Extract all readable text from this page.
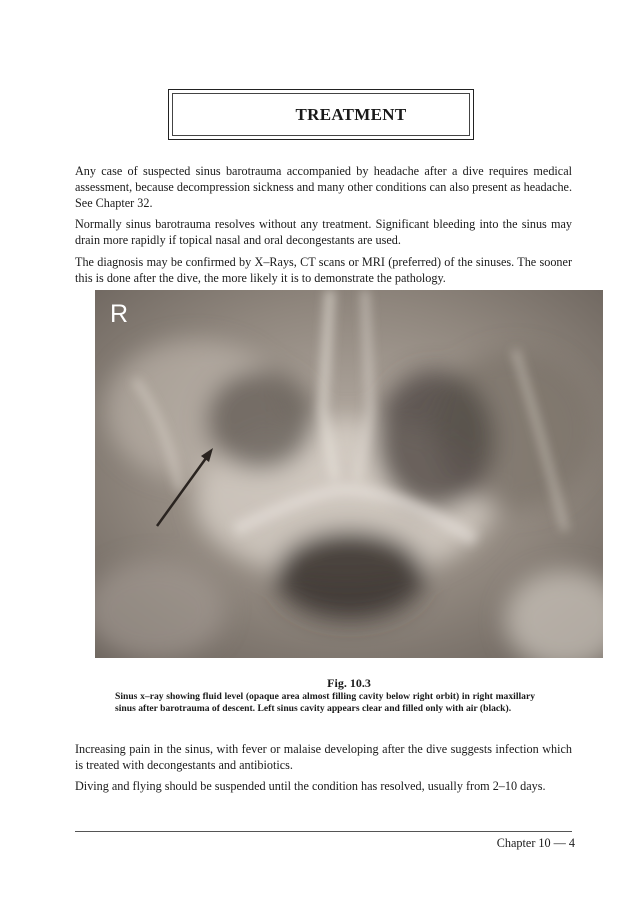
TREATMENT

Any case of suspected sinus barotrauma accompanied by headache after a dive requires medical assessment, because decompression sickness and many other conditions can also present as headache. See Chapter 32.

Normally sinus barotrauma resolves without any treatment. Significant bleeding into the sinus may drain more rapidly if topical nasal and oral decongestants are used.

The diagnosis may be confirmed by X–Rays, CT scans or MRI (preferred) of the sinuses. The sooner this is done after the dive, the more likely it is to demonstrate the pathology.

R
Fig. 10.3

Sinus x–ray showing fluid level (opaque area almost filling cavity below right orbit) in right maxillary sinus after barotrauma of descent. Left sinus cavity appears clear and filled only with air (black).

Increasing pain in the sinus, with fever or malaise developing after the dive suggests infection which is treated with decongestants and antibiotics.

Diving and flying should be suspended until the condition has resolved, usually from 2–10 days.

Chapter 10 — 4
